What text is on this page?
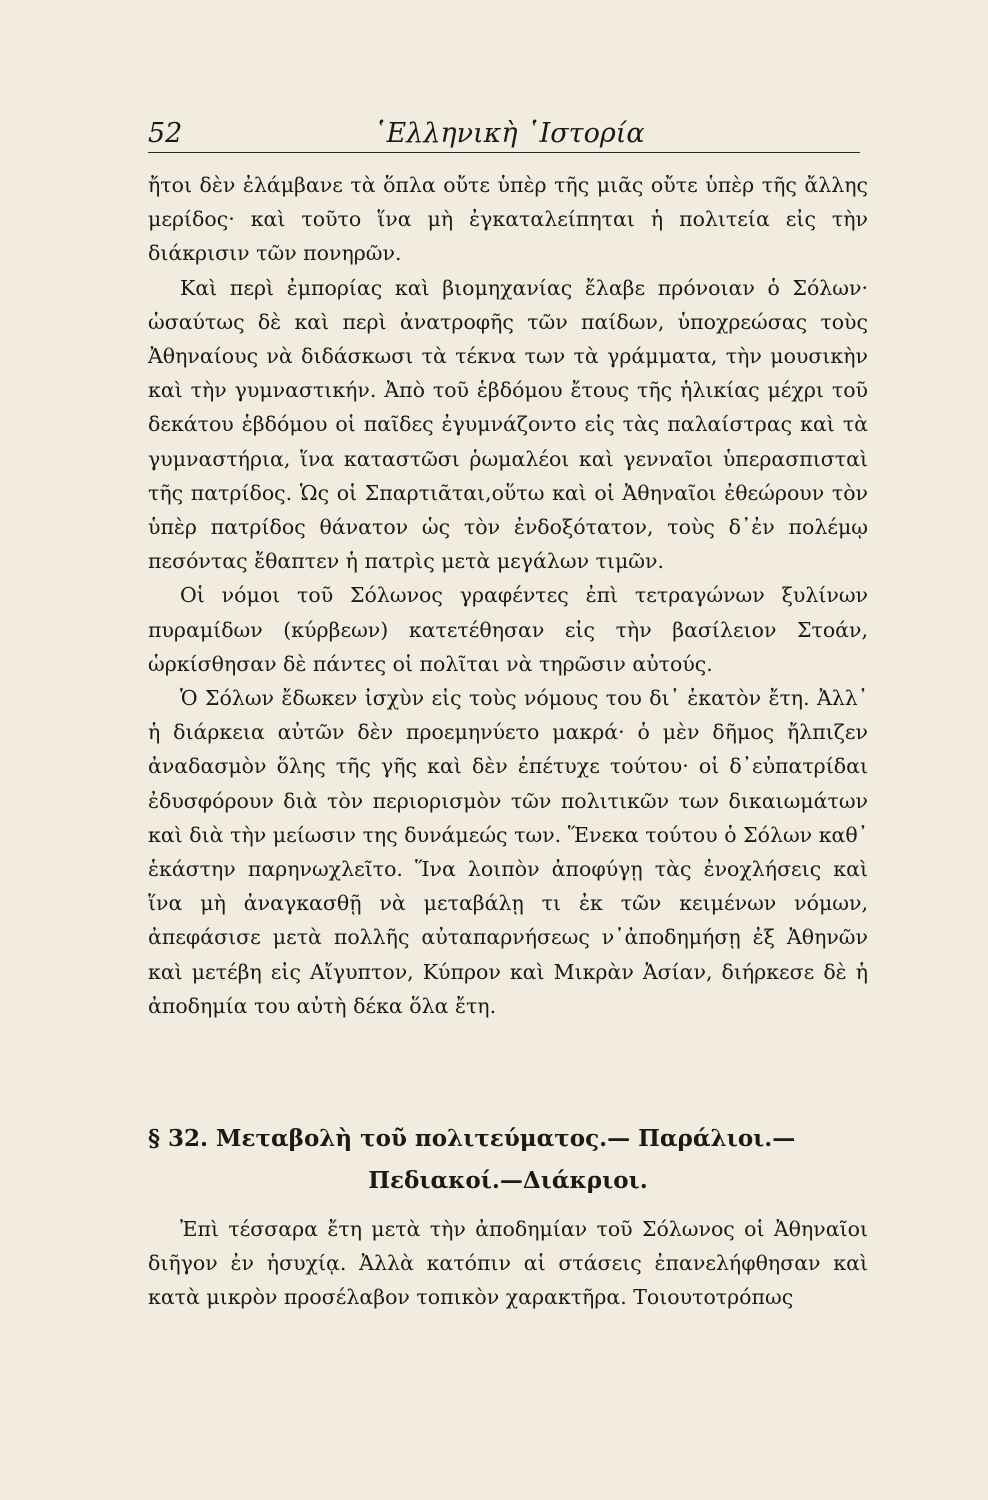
52	῾Ελληνικὴ ῾Ιστορία

ἤτοι δὲν ἐλάμβανε τὰ ὅπλα οὔτε ὑπὲρ τῆς μιᾶς οὔτε ὑπὲρ τῆς ἄλλης μερίδος· καὶ τοῦτο ἵνα μὴ ἐγκαταλείπηται ἡ πολιτεία εἰς τὴν διάκρισιν τῶν πονηρῶν.

Καὶ περὶ ἐμπορίας καὶ βιομηχανίας ἔλαβε πρόνοιαν ὁ Σόλων· ὡσαύτως δὲ καὶ περὶ ἀνατροφῆς τῶν παίδων, ὑποχρεώσας τοὺς Ἀθηναίους νὰ διδάσκωσι τὰ τέκνα των τὰ γράμματα, τὴν μουσικὴν καὶ τὴν γυμναστικήν. Ἀπὸ τοῦ ἑβδόμου ἔτους τῆς ἡλικίας μέχρι τοῦ δεκάτου ἑβδόμου οἱ παῖδες ἐγυμνάζοντο εἰς τὰς παλαίστρας καὶ τὰ γυμναστήρια, ἵνα καταστῶσι ῥωμαλέοι καὶ γενναῖοι ὑπερασπισταὶ τῆς πατρίδος. Ὡς οἱ Σπαρτιᾶται,οὕτω καὶ οἱ Ἀθηναῖοι ἐθεώρουν τὸν ὑπὲρ πατρίδος θάνατον ὡς τὸν ἐνδοξότατον, τοὺς δ᾽ἐν πολέμῳ πεσόντας ἔθαπτεν ἡ πατρὶς μετὰ μεγάλων τιμῶν.

Οἱ νόμοι τοῦ Σόλωνος γραφέντες ἐπὶ τετραγώνων ξυλίνων πυραμίδων (κύρβεων) κατετέθησαν εἰς τὴν βασίλειον Στοάν, ὡρκίσθησαν δὲ πάντες οἱ πολῖται νὰ τηρῶσιν αὐτούς.

Ὁ Σόλων ἔδωκεν ἰσχὺν εἰς τοὺς νόμους του δι᾽ ἑκατὸν ἔτη. Ἀλλ᾽ ἡ διάρκεια αὐτῶν δὲν προεμηνύετο μακρά· ὁ μὲν δῆμος ἤλπιζεν ἀναδασμὸν ὅλης τῆς γῆς καὶ δὲν ἐπέτυχε τούτου· οἱ δ᾽εὐπατρίδαι ἐδυσφόρουν διὰ τὸν περιορισμὸν τῶν πολιτικῶν των δικαιωμάτων καὶ διὰ τὴν μείωσιν της δυνάμεώς των. Ἕνεκα τούτου ὁ Σόλων καθ᾽ ἑκάστην παρηνωχλεῖτο. Ἵνα λοιπὸν ἀποφύγῃ τὰς ἐνοχλήσεις καὶ ἵνα μὴ ἀναγκασθῇ νὰ μεταβάλῃ τι ἐκ τῶν κειμένων νόμων, ἀπεφάσισε μετὰ πολλῆς αὐταπαρνήσεως ν᾽ἀποδημήσῃ ἐξ Ἀθηνῶν καὶ μετέβη εἰς Αἴγυπτον, Κύπρον καὶ Μικρὰν Ἀσίαν, διήρκεσε δὲ ἡ ἀποδημία του αὐτὴ δέκα ὅλα ἔτη.

§ 32. Μεταβολὴ τοῦ πολιτεύματος.— Παράλιοι.—
Πεδιακοί.—Διάκριοι.

Ἐπὶ τέσσαρα ἔτη μετὰ τὴν ἀποδημίαν τοῦ Σόλωνος οἱ Ἀθηναῖοι διῆγον ἐν ἡσυχίᾳ. Ἀλλὰ κατόπιν αἱ στάσεις ἐπανελήφθησαν καὶ κατὰ μικρὸν προσέλαβον τοπικὸν χαρακτῆρα. Τοιουτοτρόπως
